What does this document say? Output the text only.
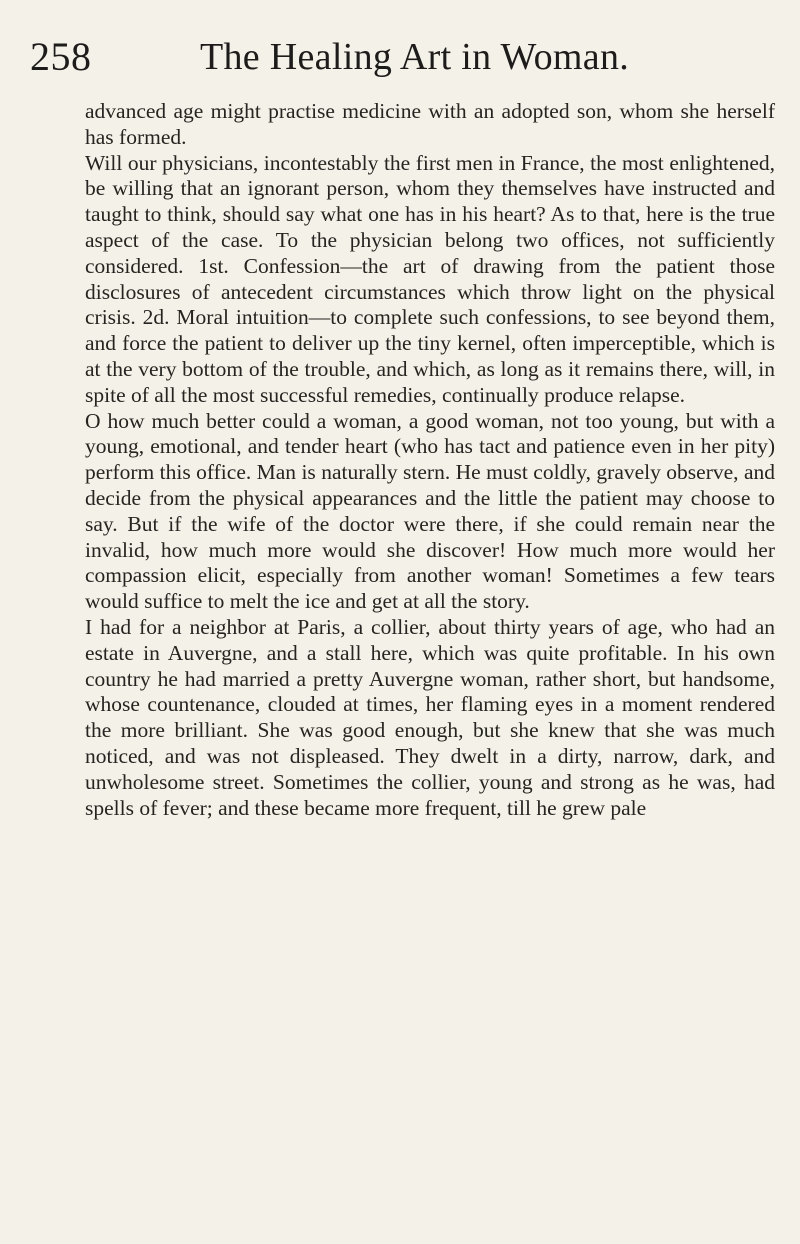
258	The Healing Art in Woman.

advanced age might practise medicine with an adopted son, whom she herself has formed.

Will our physicians, incontestably the first men in France, the most enlightened, be willing that an ignorant person, whom they themselves have instructed and taught to think, should say what one has in his heart? As to that, here is the true aspect of the case. To the physician belong two offices, not sufficiently considered. 1st. Confession—the art of drawing from the patient those disclosures of antecedent circumstances which throw light on the physical crisis. 2d. Moral intuition—to complete such confessions, to see beyond them, and force the patient to deliver up the tiny kernel, often imperceptible, which is at the very bottom of the trouble, and which, as long as it remains there, will, in spite of all the most successful remedies, continually produce relapse.

O how much better could a woman, a good woman, not too young, but with a young, emotional, and tender heart (who has tact and patience even in her pity) perform this office. Man is naturally stern. He must coldly, gravely observe, and decide from the physical appearances and the little the patient may choose to say. But if the wife of the doctor were there, if she could remain near the invalid, how much more would she discover! How much more would her compassion elicit, especially from another woman! Sometimes a few tears would suffice to melt the ice and get at all the story.

I had for a neighbor at Paris, a collier, about thirty years of age, who had an estate in Auvergne, and a stall here, which was quite profitable. In his own country he had married a pretty Auvergne woman, rather short, but handsome, whose countenance, clouded at times, her flaming eyes in a moment rendered the more brilliant. She was good enough, but she knew that she was much noticed, and was not displeased. They dwelt in a dirty, narrow, dark, and unwholesome street. Sometimes the collier, young and strong as he was, had spells of fever; and these became more frequent, till he grew pale
